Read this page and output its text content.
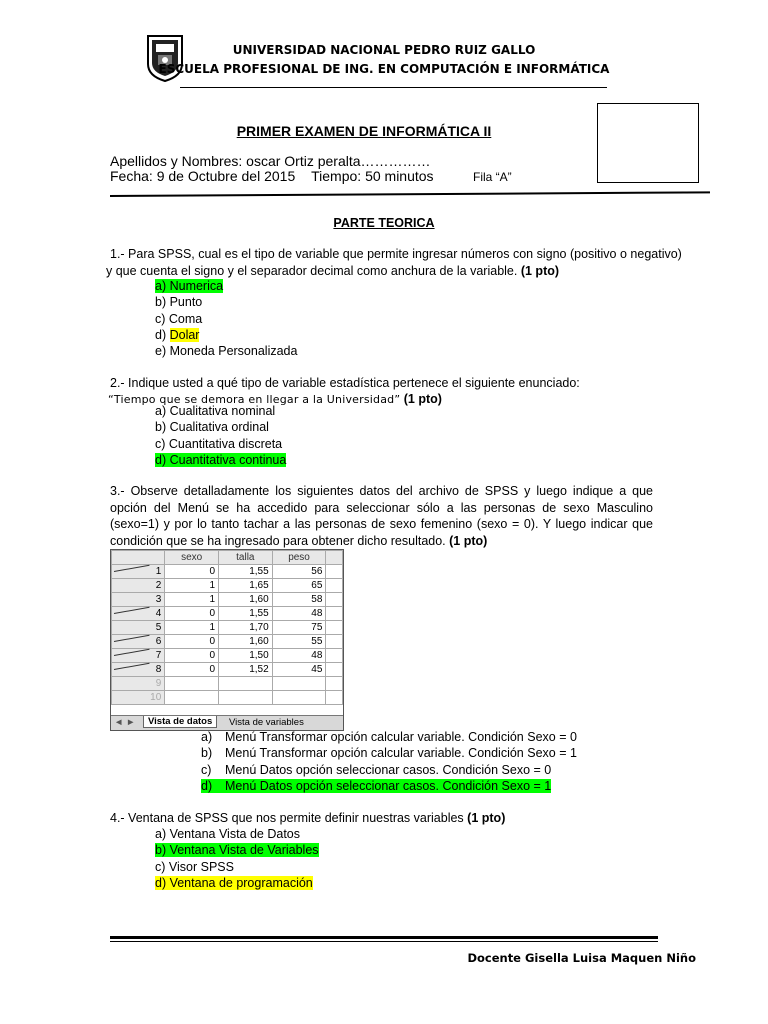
UNIVERSIDAD NACIONAL PEDRO RUIZ GALLO
ESCUELA PROFESIONAL DE ING. EN COMPUTACIÓN E INFORMÁTICA
PRIMER EXAMEN DE INFORMÁTICA II
Apellidos y Nombres: oscar Ortiz peralta……………
Fecha: 9 de Octubre del 2015 Tiempo: 50 minutos	Fila “A”
PARTE TEORICA
1.- Para SPSS, cual es el tipo de variable que permite ingresar números con signo (positivo o negativo)
y que cuenta el signo y el separador decimal como anchura de la variable. (1 pto)
a) Numerica
b) Punto
c) Coma
d) Dolar
e) Moneda Personalizada
2.- Indique usted a qué tipo de variable estadística pertenece el siguiente enunciado:
“Tiempo que se demora en llegar a la Universidad” (1 pto)
a) Cualitativa nominal
b) Cualitativa ordinal
c) Cuantitativa discreta
d) Cuantitativa continua
3.- Observe detalladamente los siguientes datos del archivo de SPSS y luego indique a que
opción del Menú se ha accedido para seleccionar sólo a las personas de sexo Masculino
(sexo=1) y por lo tanto tachar a las personas de sexo femenino (sexo = 0). Y luego indicar que
condición que se ha ingresado para obtener dicho resultado. (1 pto)
	sexo	talla	peso	

1	0	1,55	56	
2	1	1,65	65	
3	1	1,60	58	

4	0	1,55	48	
5	1	1,70	75	

6	0	1,60	55	

7	0	1,50	48	

8	0	1,52	45	
9				
10				
◄ ►	Vista de datos	Vista de variables
a) Menú Transformar opción calcular variable. Condición Sexo = 0
b) Menú Transformar opción calcular variable. Condición Sexo = 1
c) Menú Datos opción seleccionar casos. Condición Sexo = 0
d) Menú Datos opción seleccionar casos. Condición Sexo = 1
4.- Ventana de SPSS que nos permite definir nuestras variables (1 pto)
a) Ventana Vista de Datos
b) Ventana Vista de Variables
c) Visor SPSS
d) Ventana de programación
Docente Gisella Luisa Maquen Niño
